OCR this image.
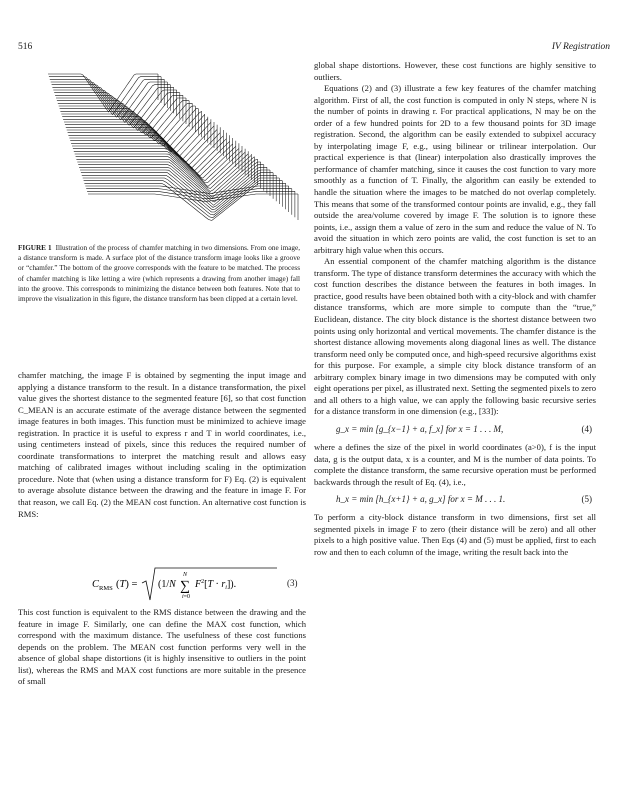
516	IV Registration
FIGURE 1 Illustration of the process of chamfer matching in two dimensions. From one image, a distance transform is made. A surface plot of the distance transform image looks like a groove or “chamfer.” The bottom of the groove corresponds with the feature to be matched. The process of chamfer matching is like letting a wire (which represents a drawing from another image) fall into the groove. This corresponds to minimizing the distance between both features. Note that to improve the visualization in this figure, the distance transform has been clipped at a certain level.

chamfer matching, the image F is obtained by segmenting the input image and applying a distance transform to the result. In a distance transformation, the pixel value gives the shortest distance to the segmented feature [6], so that cost function C_MEAN is an accurate estimate of the average distance between the segmented image features in both images. This function must be minimized to achieve image registration. In practice it is useful to express r and T in world coordinates, i.e., using centimeters instead of pixels, since this reduces the required number of coordinate transformations to interpret the matching result and allows easy matching of calibrated images without including scaling in the optimization procedure. Note that (when using a distance transform for F) Eq. (2) is equivalent to average absolute distance between the drawing and the feature in image F. For that reason, we call Eq. (2) the MEAN cost function. An alternative cost function is RMS:

C RMS (T) = (1/N ∑
N
i=0
$F^2[T \cdot r_i]$).	(3)

This cost function is equivalent to the RMS distance between the drawing and the feature in image F. Similarly, one can define the MAX cost function, which correspond with the maximum distance. The usefulness of these cost functions depends on the problem. The MEAN cost function performs very well in the absence of global shape distortions (it is highly insensitive to outliers in the point list), whereas the RMS and MAX cost functions are more suitable in the presence of small

global shape distortions. However, these cost functions are highly sensitive to outliers.

Equations (2) and (3) illustrate a few key features of the chamfer matching algorithm. First of all, the cost function is computed in only N steps, where N is the number of points in drawing r. For practical applications, N may be on the order of a few hundred points for 2D to a few thousand points for 3D image registration. Second, the algorithm can be easily extended to subpixel accuracy by interpolating image F, e.g., using bilinear or trilinear interpolation. Our practical experience is that (linear) interpolation also drastically improves the performance of chamfer matching, since it causes the cost function to vary more smoothly as a function of T. Finally, the algorithm can easily be extended to handle the situation where the images to be matched do not overlap completely. This means that some of the transformed contour points are invalid, e.g., they fall outside the area/volume covered by image F. The solution is to ignore these points, i.e., assign them a value of zero in the sum and reduce the value of N. To avoid the situation in which zero points are valid, the cost function is set to an arbitrary high value when this occurs.

An essential component of the chamfer matching algorithm is the distance transform. The type of distance transform determines the accuracy with which the cost function describes the distance between the features in both images. In practice, good results have been obtained both with a city-block and with chamfer distance transforms, which are more simple to compute than the “true,” Euclidean, distance. The city block distance is the shortest distance between two points using only horizontal and vertical movements. The chamfer distance is the shortest distance allowing movements along diagonal lines as well. The distance transform need only be computed once, and high-speed recursive algorithms exist for this purpose. For example, a simple city block distance transform of an arbitrary complex binary image in two dimensions may be computed with only eight operations per pixel, as illustrated next. Setting the segmented pixels to zero and all others to a high value, we can apply the following basic recursive series for a distance transform in one dimension (e.g., [33]):

g_x = min [g_{x−1} + a, f_x] for x = 1 . . . M,	(4)

where a defines the size of the pixel in world coordinates (a>0), f is the input data, g is the output data, x is a counter, and M is the number of data points. To complete the distance transform, the same recursive operation must be performed backwards through the result of Eq. (4), i.e.,

h_x = min [h_{x+1} + a, g_x] for x = M . . . 1.	(5)

To perform a city-block distance transform in two dimensions, first set all segmented pixels in image F to zero (their distance will be zero) and all other pixels to a high positive value. Then Eqs (4) and (5) must be applied, first to each row and then to each column of the image, writing the result back into the
